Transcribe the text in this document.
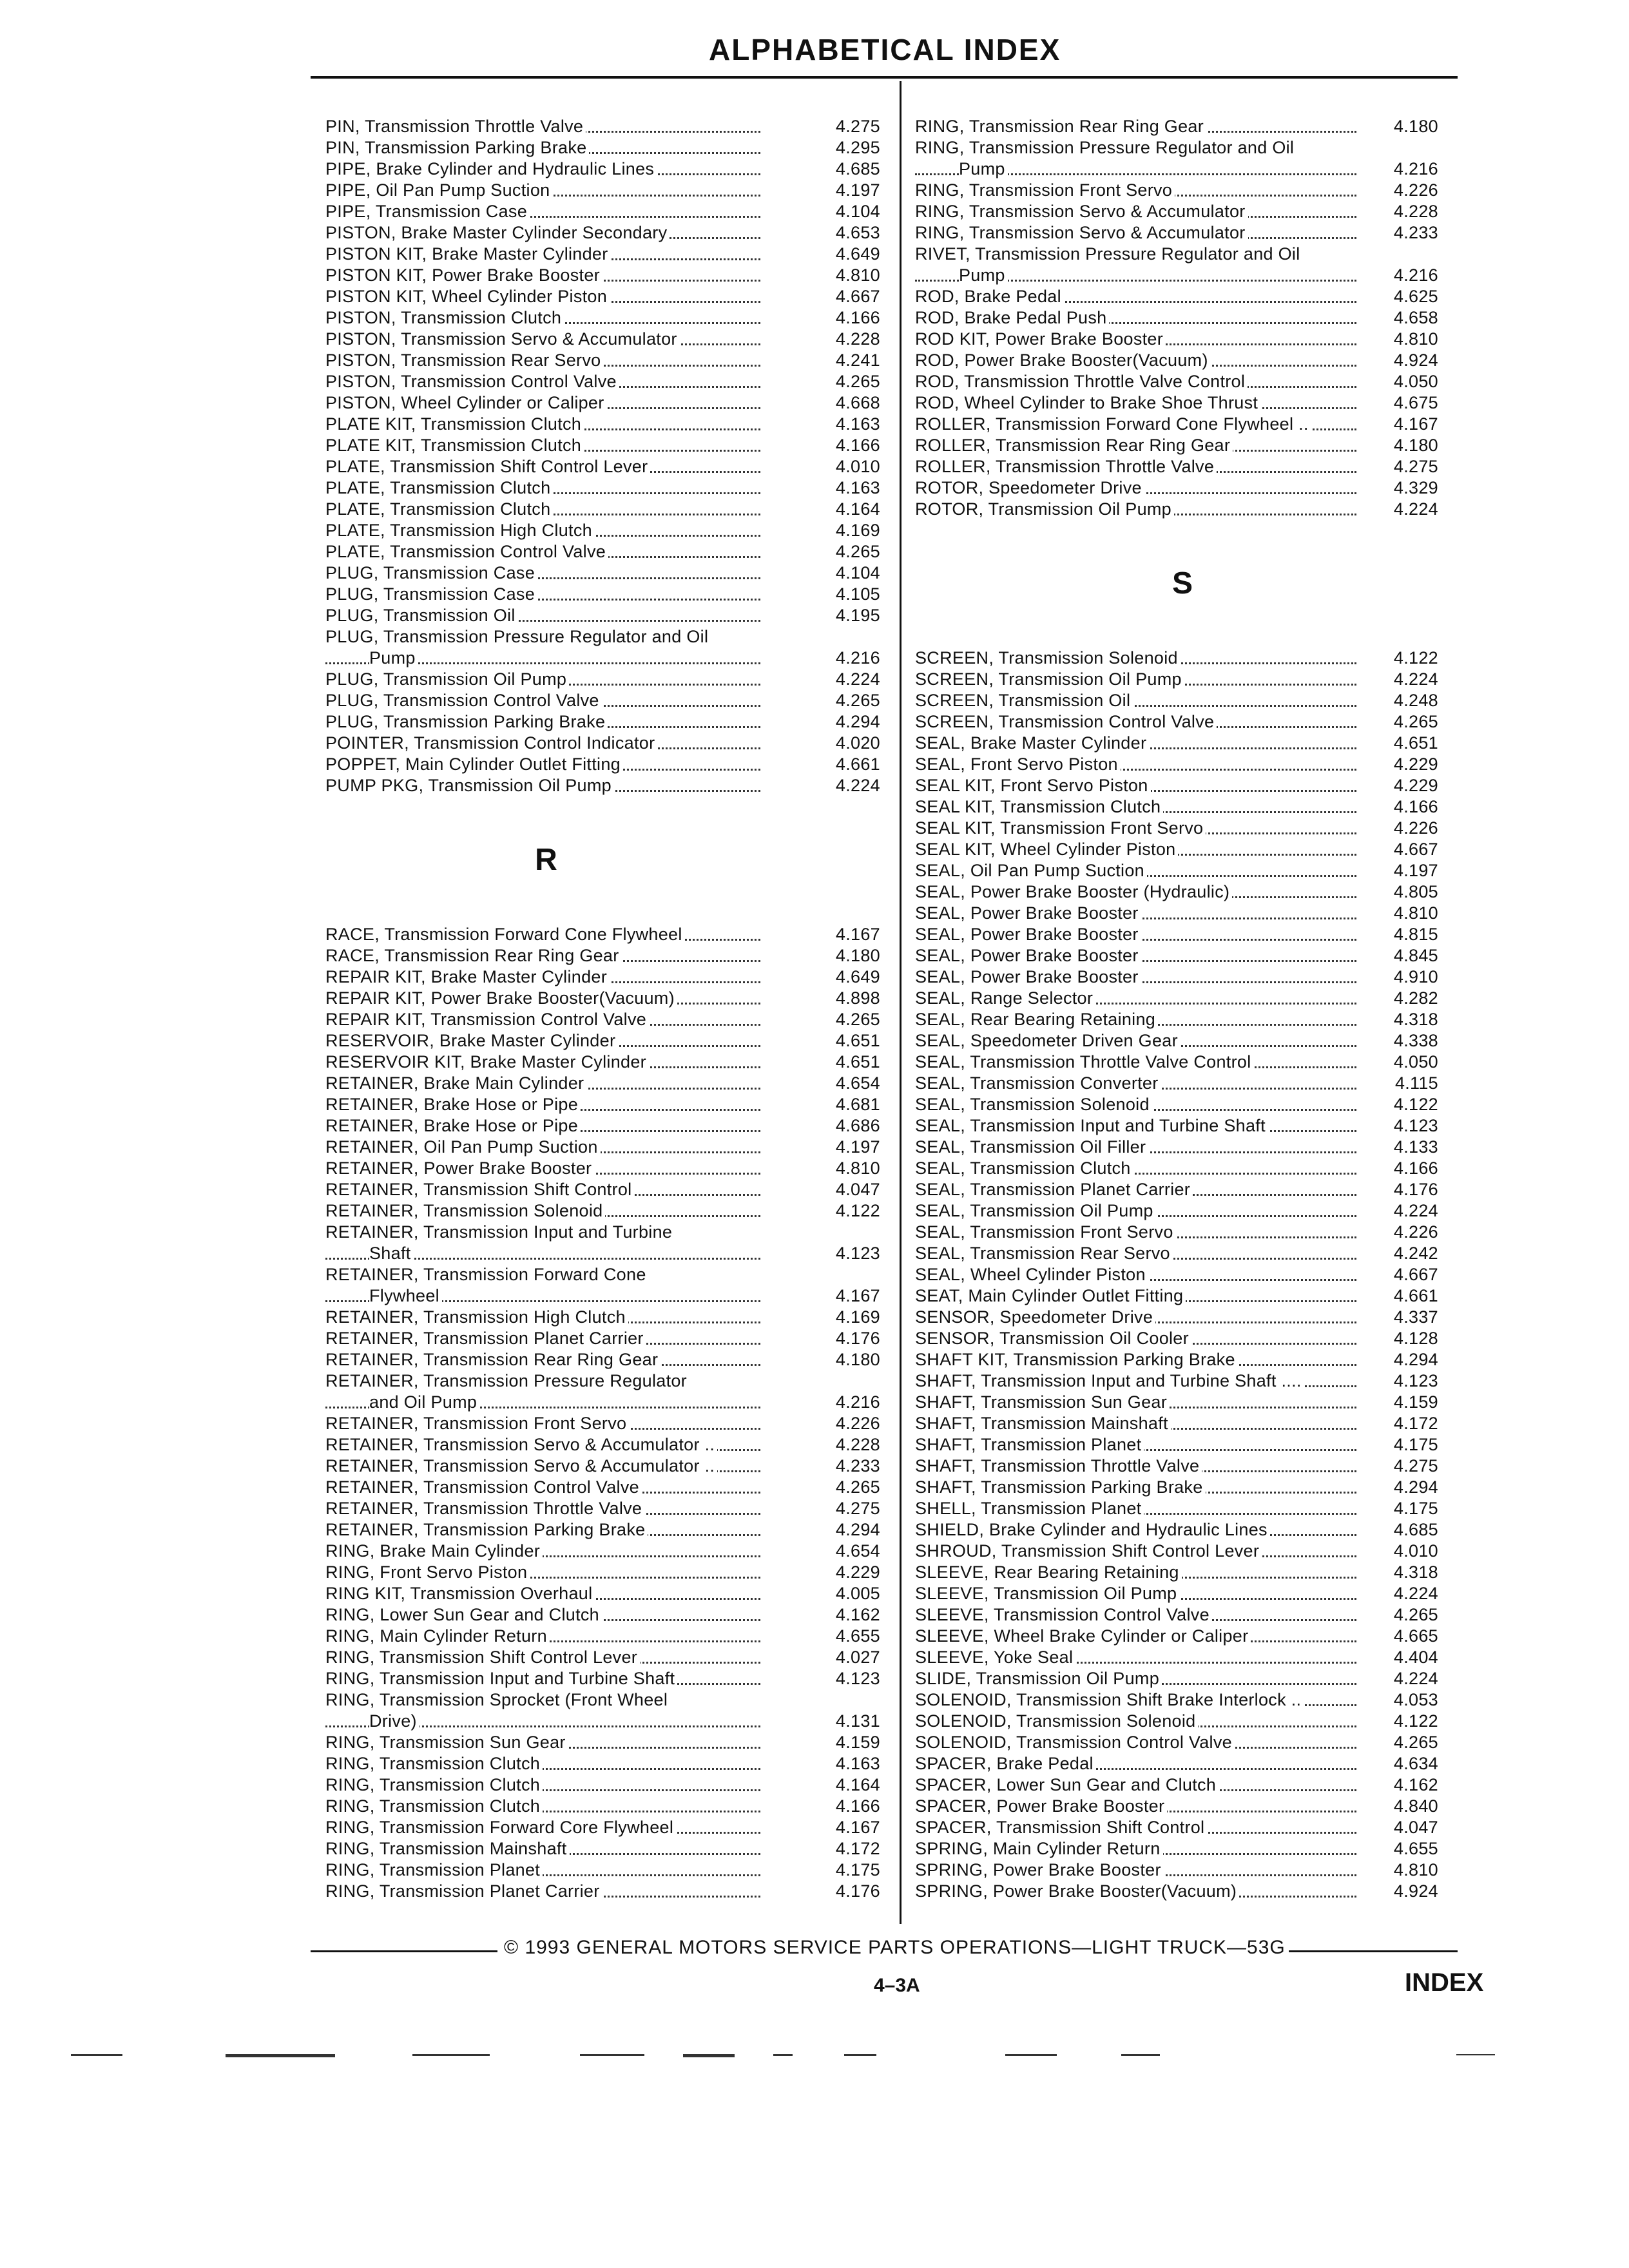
ALPHABETICAL INDEX
PIN, Transmission Throttle Valve	4.275
PIN, Transmission Parking Brake	4.295
PIPE, Brake Cylinder and Hydraulic Lines	4.685
PIPE, Oil Pan Pump Suction	4.197
PIPE, Transmission Case	4.104
PISTON, Brake Master Cylinder Secondary	4.653
PISTON KIT, Brake Master Cylinder	4.649
PISTON KIT, Power Brake Booster	4.810
PISTON KIT, Wheel Cylinder Piston	4.667
PISTON, Transmission Clutch	4.166
PISTON, Transmission Servo & Accumulator	4.228
PISTON, Transmission Rear Servo	4.241
PISTON, Transmission Control Valve	4.265
PISTON, Wheel Cylinder or Caliper	4.668
PLATE KIT, Transmission Clutch	4.163
PLATE KIT, Transmission Clutch	4.166
PLATE, Transmission Shift Control Lever	4.010
PLATE, Transmission Clutch	4.163
PLATE, Transmission Clutch	4.164
PLATE, Transmission High Clutch	4.169
PLATE, Transmission Control Valve	4.265
PLUG, Transmission Case	4.104
PLUG, Transmission Case	4.105
PLUG, Transmission Oil	4.195
PLUG, Transmission Pressure Regulator and Oil
Pump	4.216
PLUG, Transmission Oil Pump	4.224
PLUG, Transmission Control Valve	4.265
PLUG, Transmission Parking Brake	4.294
POINTER, Transmission Control Indicator	4.020
POPPET, Main Cylinder Outlet Fitting	4.661
PUMP PKG, Transmission Oil Pump	4.224
R
RACE, Transmission Forward Cone Flywheel	4.167
RACE, Transmission Rear Ring Gear	4.180
REPAIR KIT, Brake Master Cylinder	4.649
REPAIR KIT, Power Brake Booster(Vacuum)	4.898
REPAIR KIT, Transmission Control Valve	4.265
RESERVOIR, Brake Master Cylinder	4.651
RESERVOIR KIT, Brake Master Cylinder	4.651
RETAINER, Brake Main Cylinder	4.654
RETAINER, Brake Hose or Pipe	4.681
RETAINER, Brake Hose or Pipe	4.686
RETAINER, Oil Pan Pump Suction	4.197
RETAINER, Power Brake Booster	4.810
RETAINER, Transmission Shift Control	4.047
RETAINER, Transmission Solenoid	4.122
RETAINER, Transmission Input and Turbine
Shaft	4.123
RETAINER, Transmission Forward Cone
Flywheel	4.167
RETAINER, Transmission High Clutch	4.169
RETAINER, Transmission Planet Carrier	4.176
RETAINER, Transmission Rear Ring Gear	4.180
RETAINER, Transmission Pressure Regulator
and Oil Pump	4.216
RETAINER, Transmission Front Servo	4.226
RETAINER, Transmission Servo & Accumulator ..	4.228
RETAINER, Transmission Servo & Accumulator ..	4.233
RETAINER, Transmission Control Valve	4.265
RETAINER, Transmission Throttle Valve	4.275
RETAINER, Transmission Parking Brake	4.294
RING, Brake Main Cylinder	4.654
RING, Front Servo Piston	4.229
RING KIT, Transmission Overhaul	4.005
RING, Lower Sun Gear and Clutch	4.162
RING, Main Cylinder Return	4.655
RING, Transmission Shift Control Lever	4.027
RING, Transmission Input and Turbine Shaft	4.123
RING, Transmission Sprocket (Front Wheel
Drive)	4.131
RING, Transmission Sun Gear	4.159
RING, Transmission Clutch	4.163
RING, Transmission Clutch	4.164
RING, Transmission Clutch	4.166
RING, Transmission Forward Core Flywheel	4.167
RING, Transmission Mainshaft	4.172
RING, Transmission Planet	4.175
RING, Transmission Planet Carrier	4.176
RING, Transmission Rear Ring Gear	4.180
RING, Transmission Pressure Regulator and Oil
Pump	4.216
RING, Transmission Front Servo	4.226
RING, Transmission Servo & Accumulator	4.228
RING, Transmission Servo & Accumulator	4.233
RIVET, Transmission Pressure Regulator and Oil
Pump	4.216
ROD, Brake Pedal	4.625
ROD, Brake Pedal Push	4.658
ROD KIT, Power Brake Booster	4.810
ROD, Power Brake Booster(Vacuum)	4.924
ROD, Transmission Throttle Valve Control	4.050
ROD, Wheel Cylinder to Brake Shoe Thrust	4.675
ROLLER, Transmission Forward Cone Flywheel ..	4.167
ROLLER, Transmission Rear Ring Gear	4.180
ROLLER, Transmission Throttle Valve	4.275
ROTOR, Speedometer Drive	4.329
ROTOR, Transmission Oil Pump	4.224
S
SCREEN, Transmission Solenoid	4.122
SCREEN, Transmission Oil Pump	4.224
SCREEN, Transmission Oil	4.248
SCREEN, Transmission Control Valve	4.265
SEAL, Brake Master Cylinder	4.651
SEAL, Front Servo Piston	4.229
SEAL KIT, Front Servo Piston	4.229
SEAL KIT, Transmission Clutch	4.166
SEAL KIT, Transmission Front Servo	4.226
SEAL KIT, Wheel Cylinder Piston	4.667
SEAL, Oil Pan Pump Suction	4.197
SEAL, Power Brake Booster (Hydraulic)	4.805
SEAL, Power Brake Booster	4.810
SEAL, Power Brake Booster	4.815
SEAL, Power Brake Booster	4.845
SEAL, Power Brake Booster	4.910
SEAL, Range Selector	4.282
SEAL, Rear Bearing Retaining	4.318
SEAL, Speedometer Driven Gear	4.338
SEAL, Transmission Throttle Valve Control	4.050
SEAL, Transmission Converter	4.115
SEAL, Transmission Solenoid	4.122
SEAL, Transmission Input and Turbine Shaft	4.123
SEAL, Transmission Oil Filler	4.133
SEAL, Transmission Clutch	4.166
SEAL, Transmission Planet Carrier	4.176
SEAL, Transmission Oil Pump	4.224
SEAL, Transmission Front Servo	4.226
SEAL, Transmission Rear Servo	4.242
SEAL, Wheel Cylinder Piston	4.667
SEAT, Main Cylinder Outlet Fitting	4.661
SENSOR, Speedometer Drive	4.337
SENSOR, Transmission Oil Cooler	4.128
SHAFT KIT, Transmission Parking Brake	4.294
SHAFT, Transmission Input and Turbine Shaft ....	4.123
SHAFT, Transmission Sun Gear	4.159
SHAFT, Transmission Mainshaft	4.172
SHAFT, Transmission Planet	4.175
SHAFT, Transmission Throttle Valve	4.275
SHAFT, Transmission Parking Brake	4.294
SHELL, Transmission Planet	4.175
SHIELD, Brake Cylinder and Hydraulic Lines	4.685
SHROUD, Transmission Shift Control Lever	4.010
SLEEVE, Rear Bearing Retaining	4.318
SLEEVE, Transmission Oil Pump	4.224
SLEEVE, Transmission Control Valve	4.265
SLEEVE, Wheel Brake Cylinder or Caliper	4.665
SLEEVE, Yoke Seal	4.404
SLIDE, Transmission Oil Pump	4.224
SOLENOID, Transmission Shift Brake Interlock ..	4.053
SOLENOID, Transmission Solenoid	4.122
SOLENOID, Transmission Control Valve	4.265
SPACER, Brake Pedal	4.634
SPACER, Lower Sun Gear and Clutch	4.162
SPACER, Power Brake Booster	4.840
SPACER, Transmission Shift Control	4.047
SPRING, Main Cylinder Return	4.655
SPRING, Power Brake Booster	4.810
SPRING, Power Brake Booster(Vacuum)	4.924
© 1993 GENERAL MOTORS SERVICE PARTS OPERATIONS—LIGHT TRUCK—53G
4–3A	INDEX
